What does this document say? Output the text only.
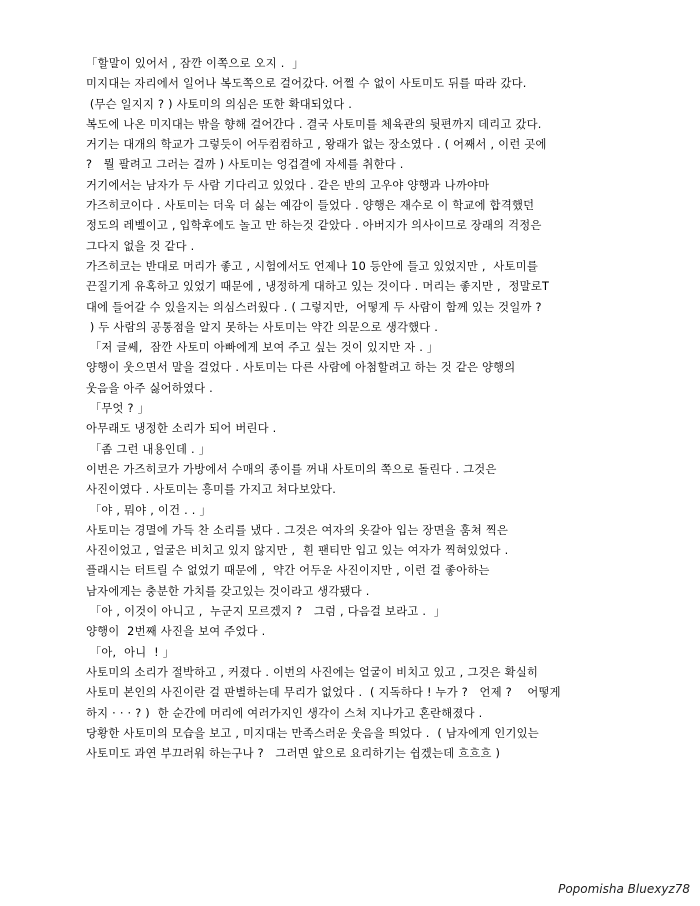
「할말이 있어서 , 잠깐 이쪽으로 오지 .  」
미지대는 자리에서 일어나 복도쪽으로 걸어갔다. 어쩔 수 없이 사토미도 뒤를 따라 갔다.
(무슨 일지지 ? ) 사토미의 의심은 또한 확대되었다 .
복도에 나온 미지대는 밖을 향해 걸어간다 . 결국 사토미를 체육관의 뒷편까지 데리고 갔다.
거기는 대개의 학교가 그렇듯이 어두컴컴하고 , 왕래가 없는 장소였다 . ( 어째서 , 이런 곳에
?   뭘 팔려고 그러는 걸까 ) 사토미는 엉겁결에 자세를 취한다 .
거기에서는 남자가 두 사람 기다리고 있었다 . 같은 반의 고우야 양행과 나까야마
가즈히코이다 . 사토미는 더욱 더 싫는 예감이 들었다 . 양행은 재수로 이 학교에 합격했던
정도의 레벨이고 , 입학후에도 놀고 만 하는것 같았다 . 아버지가 의사이므로 장래의 걱정은
그다지 없을 것 같다 .
가즈히코는 반대로 머리가 좋고 , 시험에서도 언제나 10 등안에 들고 있었지만 ,  사토미를
끈질기게 유혹하고 있었기 때문에 , 냉정하게 대하고 있는 것이다 . 머리는 좋지만 ,  정말로T
대에 들어갈 수 있을지는 의심스러웠다 . ( 그렇지만,  어떻게 두 사람이 함께 있는 것일까 ?
) 두 사람의 공통점을 알지 못하는 사토미는 약간 의문으로 생각했다 .
「저 글쎄,  잠깐 사토미 아빠에게 보여 주고 싶는 것이 있지만 자 . 」
양행이 웃으면서 말을 걸었다 . 사토미는 다른 사람에 아첨할려고 하는 것 같은 양행의
웃음을 아주 싫어하였다 .
「무엇 ? 」
아무래도 냉정한 소리가 되어 버린다 .
「좀 그런 내용인데 . 」
이번은 가즈히코가 가방에서 수매의 종이를 꺼내 사토미의 쪽으로 돌린다 . 그것은
사진이였다 . 사토미는 흥미를 가지고 쳐다보았다.
「야 , 뭐야 , 이건 . . 」
사토미는 경멸에 가득 찬 소리를 냈다 . 그것은 여자의 옷갈아 입는 장면을 훔쳐 찍은
사진이었고 , 얼굴은 비치고 있지 않지만 ,  흰 팬티만 입고 있는 여자가 찍혀있었다 .
플래시는 터트릴 수 없었기 때문에 ,  약간 어두운 사진이지만 , 이런 걸 좋아하는
남자에게는 충분한 가치를 갖고있는 것이라고 생각됐다 .
「아 , 이것이 아니고 ,  누군지 모르겠지 ?   그럼 , 다음걸 보라고 .  」
양행이  2번째 사진을 보여 주었다 .
「아,  아니  ! 」
사토미의 소리가 절박하고 , 커졌다 . 이번의 사진에는 얼굴이 비치고 있고 , 그것은 확실히
사토미 본인의 사진이란 걸 판별하는데 무리가 없었다 .  ( 지독하다 ! 누가 ?   언제 ?    어떻게
하지 · · · ? )  한 순간에 머리에 여러가지인 생각이 스쳐 지나가고 혼란해졌다 .
당황한 사토미의 모습을 보고 , 미지대는 만족스러운 웃음을 띄었다 .  ( 남자에게 인기있는
사토미도 과연 부끄러워 하는구나 ?   그러면 앞으로 요리하기는 쉽겠는데 흐흐흐 )
Popomisha Bluexyz78
